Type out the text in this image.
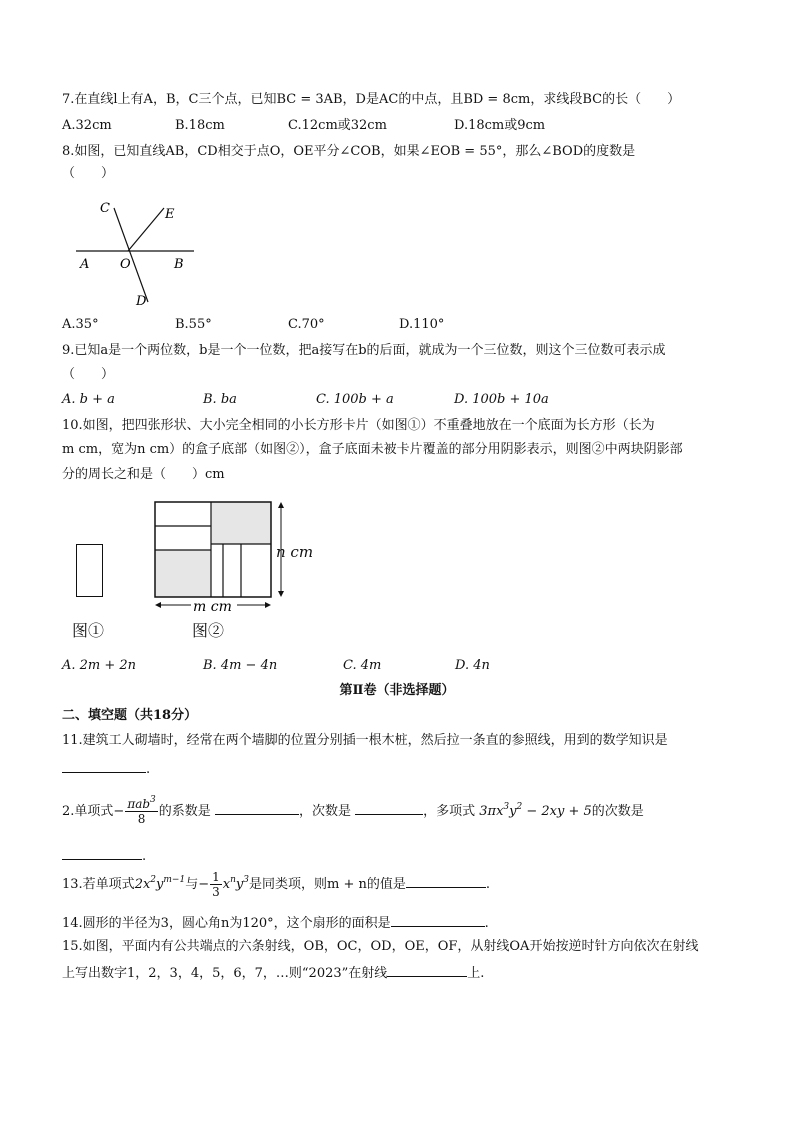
7.在直线l上有A，B，C三个点，已知BC = 3AB，D是AC的中点，且BD = 8cm，求线段BC的长（　　）
A.32cm	B.18cm	C.12cm或32cm	D.18cm或9cm
8.如图，已知直线AB，CD相交于点O，OE平分∠COB，如果∠EOB = 55°，那么∠BOD的度数是
（　　）
C	E
A O	B
D
A.35°	B.55°	C.70°	D.110°
9.已知a是一个两位数，b是一个一位数，把a接写在b的后面，就成为一个三位数，则这个三位数可表示成
（　　）
A. b + a	B. ba	C. 100b + a	D. 100b + 10a
10.如图，把四张形状、大小完全相同的小长方形卡片（如图①）不重叠地放在一个底面为长方形（长为
m cm，宽为n cm）的盒子底部（如图②），盒子底面未被卡片覆盖的部分用阴影表示，则图②中两块阴影部
分的周长之和是（　　）cm
图①
m cm
n cm
图②
A. 2m + 2n	B. 4m − 4n	C. 4m	D. 4n
第Ⅱ卷（非选择题）
二、填空题（共18分）
11.建筑工人砌墙时，经常在两个墙脚的位置分别插一根木桩，然后拉一条直的参照线，用到的数学知识是
.
2.单项式− $\frac{\pi ab^3}{8}$ 的系数是	，次数是	，多项式 $3\pi x^3y^2 - 2xy + 5$的次数是
.
13.若单项式$2x^2y^{m-1}$与− $\frac{1}{3} x^ny^3$是同类项，则m + n的值是	.
14.圆形的半径为3，圆心角n为120°，这个扇形的面积是	.
15.如图，平面内有公共端点的六条射线，OB，OC，OD，OE，OF，从射线OA开始按逆时针方向依次在射线
上写出数字1，2，3，4，5，6，7，…则“2023”在射线	上.
